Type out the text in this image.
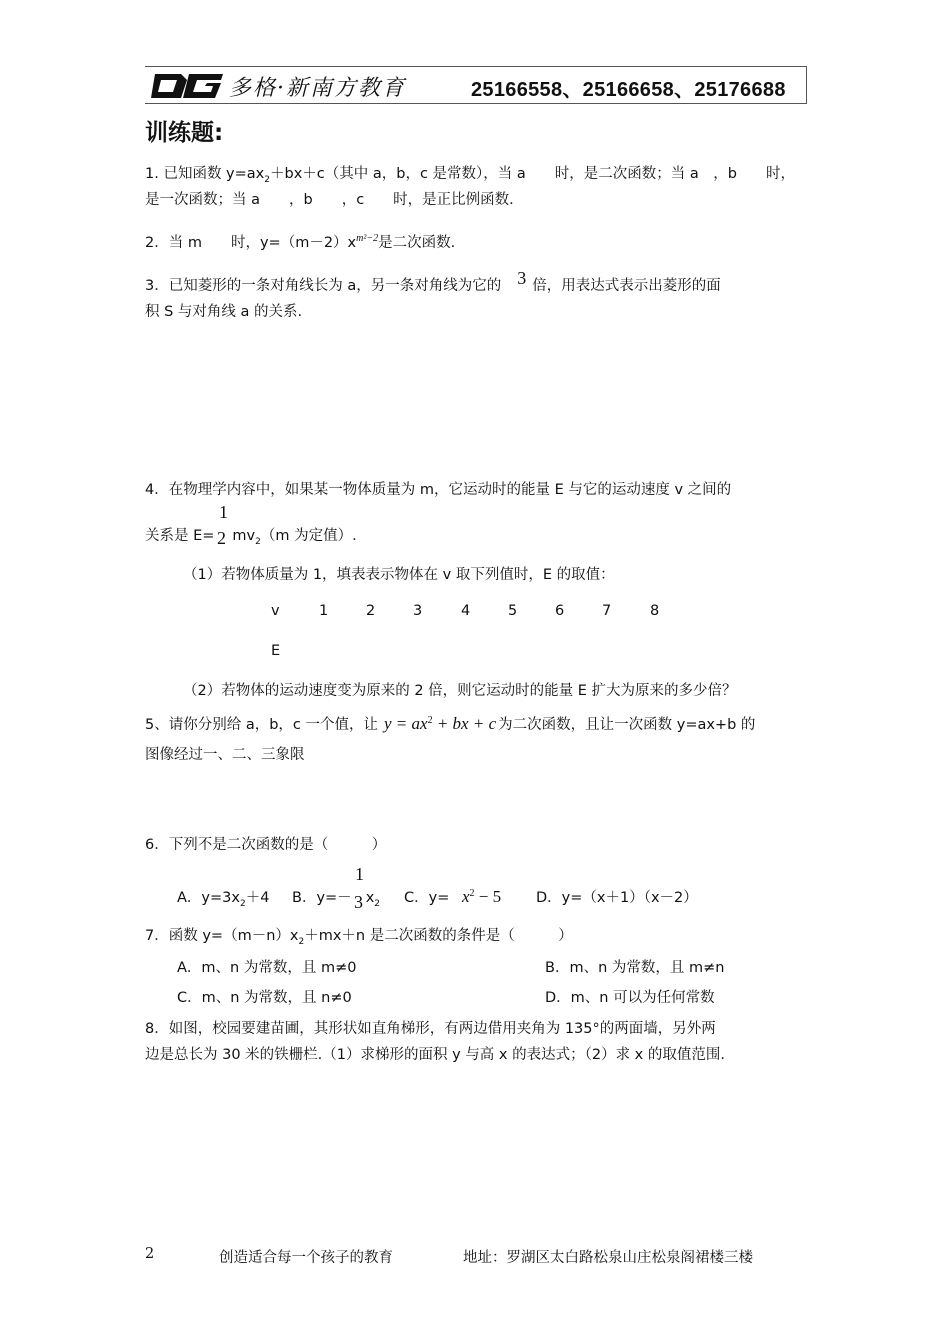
多格·新南方教育	25166558、25166658、25176688
训练题:
1. 已知函数 $y=ax_2+bx+c$（其中 a，b，c 是常数），当 a　　时，是二次函数；当 a　，b　　时，
是一次函数；当 a　　，b　　，c　　时，是正比例函数.
2．当 m　　时，$y=(m-2)x^{m^2-2}$是二次函数.
3．已知菱形的一条对角线长为 a，另一条对角线为它的 3 倍，用表达式表示出菱形的面
积 S 与对角线 a 的关系.
4．在物理学内容中，如果某一物体质量为 m，它运动时的能量 E 与它的运动速度 v 之间的
1
2
关系是 $E= mv_2(m$ 为定值）.
（1）若物体质量为 1，填表表示物体在 v 取下列值时，E 的取值：
v	1	2	3	4	5	6	7	8
E
（2）若物体的运动速度变为原来的 2 倍，则它运动时的能量 E 扩大为原来的多少倍？
5、请你分别给 a，b，c 一个值，让 $y = ax^2$ + bx + c 为二次函数，且让一次函数 y=ax+b 的
图像经过一、二、三象限
6．下列不是二次函数的是（　　　）
1
3
A．$y=3x_2+4$ B．$y=- x_2$ C．$y= x^2 - 5$ D．y=（x＋1）（x－2）
7．函数 $y=(m-n)x_2+mx+n$ 是二次函数的条件是（　　　）
A．m、n 为常数，且 m≠0	B．m、n 为常数，且 m≠n
C．m、n 为常数，且 n≠0	D．m、n 可以为任何常数
8．如图，校园要建苗圃，其形状如直角梯形，有两边借用夹角为 135°的两面墙，另外两
边是总长为 30 米的铁栅栏.（1）求梯形的面积 y 与高 x 的表达式；（2）求 x 的取值范围.
2	创造适合每一个孩子的教育	地址：罗湖区太白路松泉山庄松泉阁裙楼三楼
